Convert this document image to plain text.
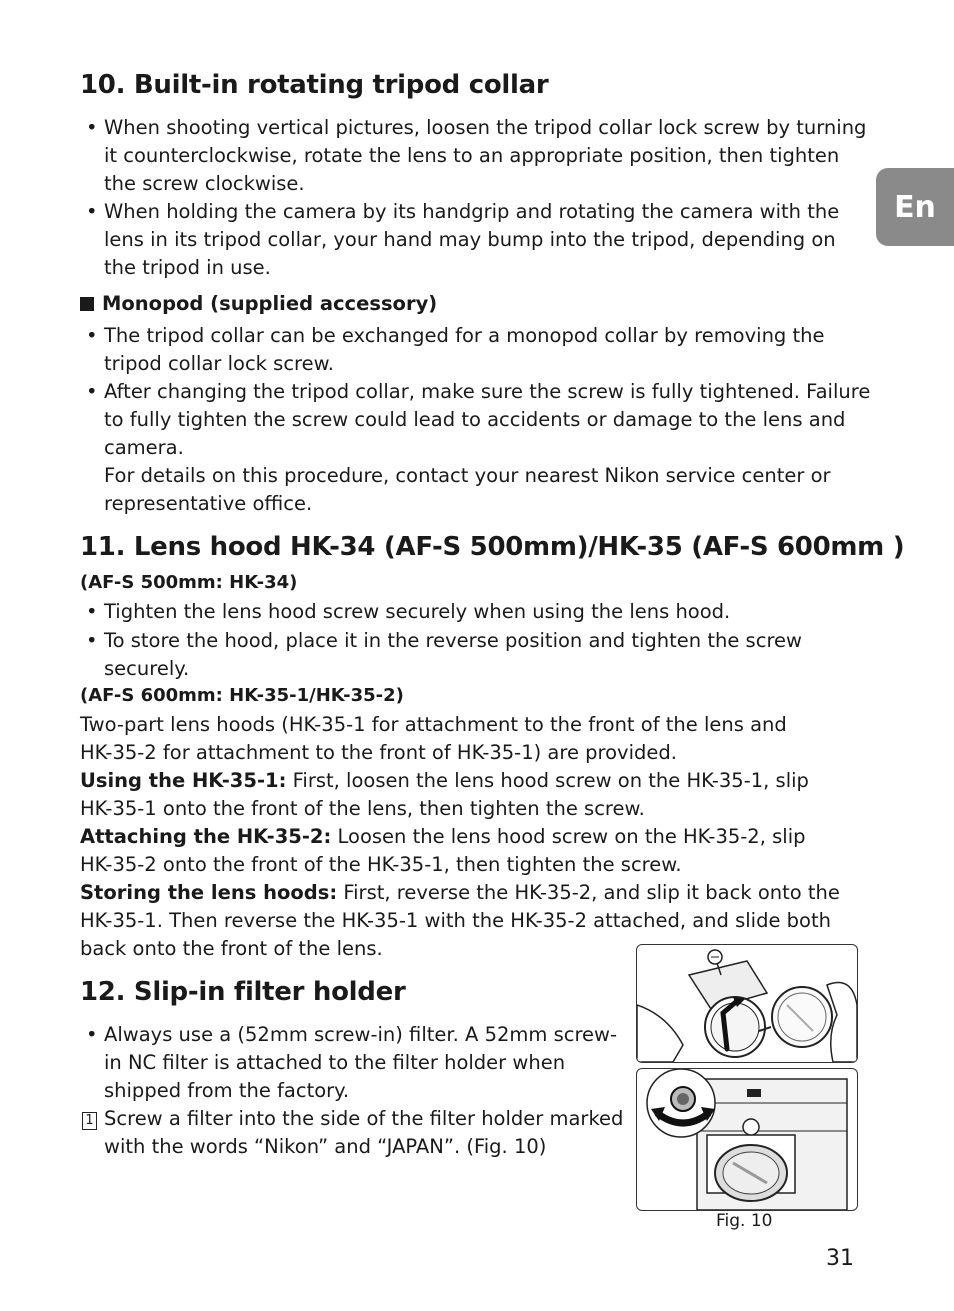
En
10. Built-in rotating tripod collar
• When shooting vertical pictures, loosen the tripod collar lock screw by turning
it counterclockwise, rotate the lens to an appropriate position, then tighten
the screw clockwise.
• When holding the camera by its handgrip and rotating the camera with the
lens in its tripod collar, your hand may bump into the tripod, depending on
the tripod in use.
Monopod (supplied accessory)
• The tripod collar can be exchanged for a monopod collar by removing the
tripod collar lock screw.
• After changing the tripod collar, make sure the screw is fully tightened. Failure
to fully tighten the screw could lead to accidents or damage to the lens and
camera.
For details on this procedure, contact your nearest Nikon service center or
representative office.
11. Lens hood HK-34 (AF-S 500mm)/HK-35 (AF-S 600mm )
(AF-S 500mm: HK-34)
• Tighten the lens hood screw securely when using the lens hood.
• To store the hood, place it in the reverse position and tighten the screw
securely.
(AF-S 600mm: HK-35-1/HK-35-2)
Two-part lens hoods (HK-35-1 for attachment to the front of the lens and
HK-35-2 for attachment to the front of HK-35-1) are provided.
Using the HK-35-1: First, loosen the lens hood screw on the HK-35-1, slip
HK-35-1 onto the front of the lens, then tighten the screw.
Attaching the HK-35-2: Loosen the lens hood screw on the HK-35-2, slip
HK-35-2 onto the front of the HK-35-1, then tighten the screw.
Storing the lens hoods: First, reverse the HK-35-2, and slip it back onto the
HK-35-1. Then reverse the HK-35-1 with the HK-35-2 attached, and slide both
back onto the front of the lens.
12. Slip-in filter holder
• Always use a (52mm screw-in) filter. A 52mm screw-
in NC filter is attached to the filter holder when
shipped from the factory.
1 Screw a filter into the side of the filter holder marked
with the words “Nikon” and “JAPAN”. (Fig. 10)
Fig. 10
31
